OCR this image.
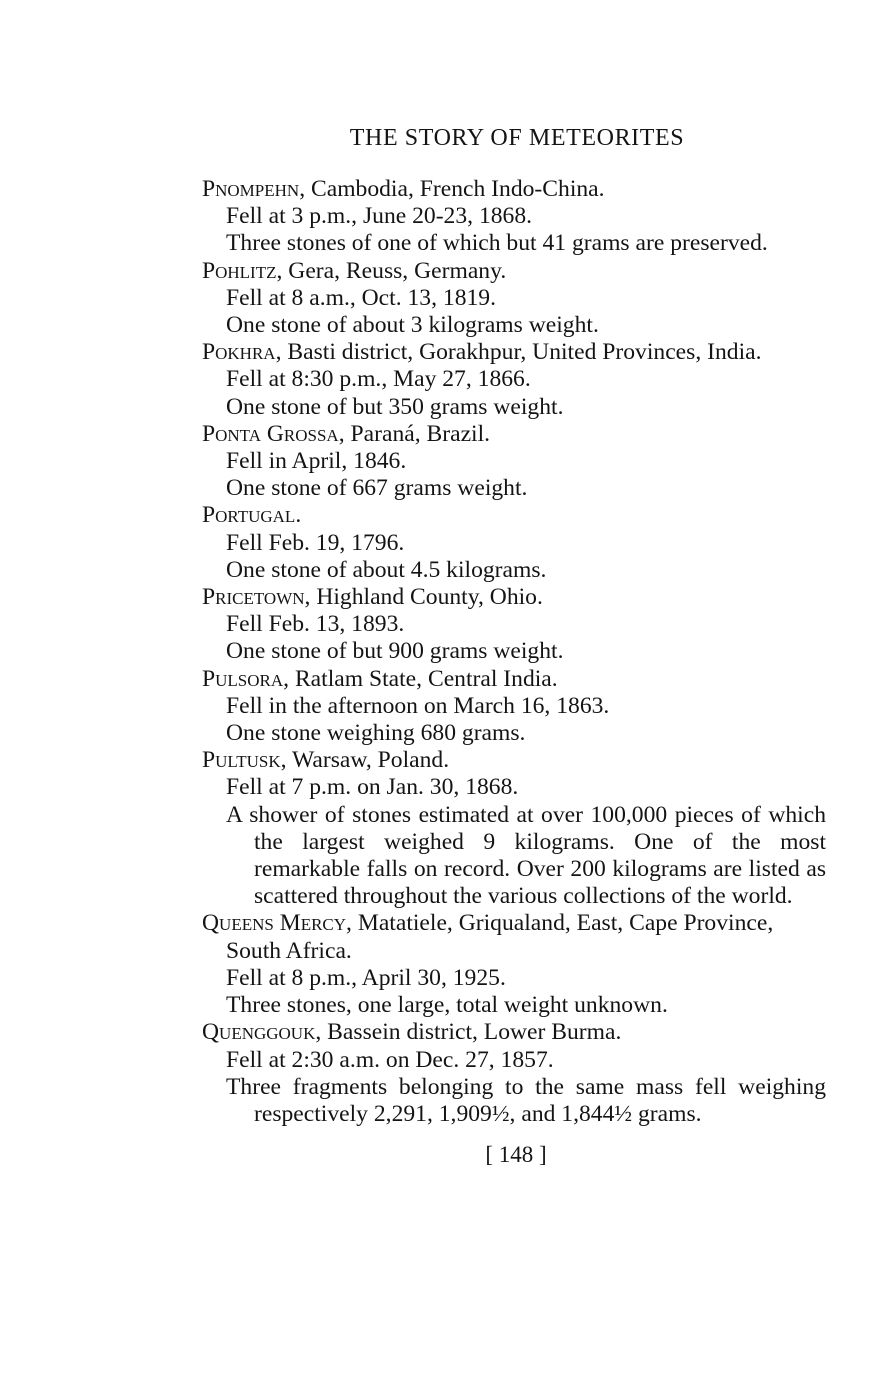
THE STORY OF METEORITES
Pnompehn, Cambodia, French Indo-China.
Fell at 3 p.m., June 20-23, 1868.
Three stones of one of which but 41 grams are preserved.
Pohlitz, Gera, Reuss, Germany.
Fell at 8 a.m., Oct. 13, 1819.
One stone of about 3 kilograms weight.
Pokhra, Basti district, Gorakhpur, United Provinces, India.
Fell at 8:30 p.m., May 27, 1866.
One stone of but 350 grams weight.
Ponta Grossa, Paraná, Brazil.
Fell in April, 1846.
One stone of 667 grams weight.
Portugal.
Fell Feb. 19, 1796.
One stone of about 4.5 kilograms.
Pricetown, Highland County, Ohio.
Fell Feb. 13, 1893.
One stone of but 900 grams weight.
Pulsora, Ratlam State, Central India.
Fell in the afternoon on March 16, 1863.
One stone weighing 680 grams.
Pultusk, Warsaw, Poland.
Fell at 7 p.m. on Jan. 30, 1868.
A shower of stones estimated at over 100,000 pieces of which the largest weighed 9 kilograms. One of the most remarkable falls on record. Over 200 kilograms are listed as scattered throughout the various collections of the world.
Queens Mercy, Matatiele, Griqualand, East, Cape Province, South Africa.
Fell at 8 p.m., April 30, 1925.
Three stones, one large, total weight unknown.
Quenggouk, Bassein district, Lower Burma.
Fell at 2:30 a.m. on Dec. 27, 1857.
Three fragments belonging to the same mass fell weighing respectively 2,291, 1,909½, and 1,844½ grams.
[ 148 ]
